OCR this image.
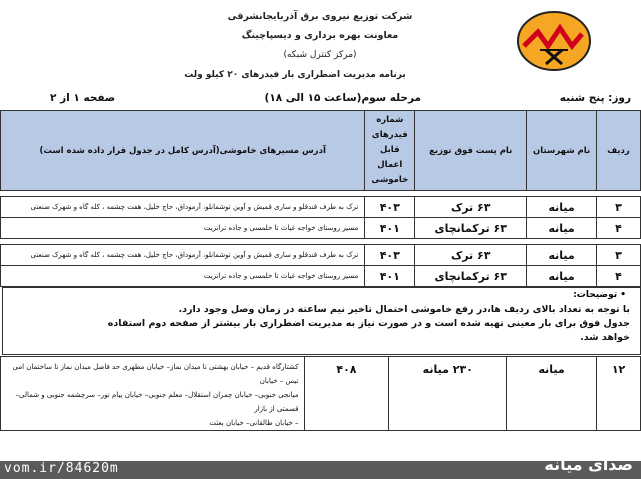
شرکت توزیع نیروی برق آذربایجانشرقی
معاونت بهره برداری و دیسپاچینگ
(مرکز کنترل شبکه)
برنامه مدیریت اضطراری بار فیدرهای ۲۰ کیلو ولت
روز: پنج شنبه
مرحله سوم(ساعت ۱۵ الی ۱۸)
صفحه ۱ از ۲
ردیف	نام شهرستان	نام پست فوق توزیع	شماره فیدرهای قابل اعمال خاموشی	آدرس مسیرهای خاموشی(آدرس کامل در جدول قرار داده شده است)

۳	میانه	۶۳ ترک	۴۰۳	ترک به طرف قندقلو و ساری قمیش و آوین توشمانلو، آرموداق، حاج خلیل، هفت چشمه ، کله گاه و شهرک صنعتی
۴	میانه	۶۳ ترکمانچای	۴۰۱	مسیر روستای خواجه غیاث تا حلمسی و جاده ترانزیت

۳	میانه	۶۳ ترک	۴۰۳	ترک به طرف قندقلو و ساری قمیش و آوین توشمانلو، آرموداق، حاج خلیل، هفت چشمه ، کله گاه و شهرک صنعتی
۴	میانه	۶۳ ترکمانچای	۴۰۱	مسیر روستای خواجه غیاث تا حلمسی و جاده ترانزیت
• توضیحات:
با توجه به تعداد بالای ردیف ها،در رفع خاموشی احتمال تاخیر نیم ساعته در زمان وصل وجود دارد.
جدول فوق برای بار معینی تهیه شده است و در صورت نیاز به مدیریت اضطراری بار بیشتر از صفحه دوم استفاده
خواهد شد.
۱۲	میانه	۲۳۰ میانه	۴۰۸	
کشتارگاه قدیم – خیابان بهشتی تا میدان نماز– خیابان مطهری حد فاصل میدان نماز تا ساختمان امی تیس – خیابان
میانجی جنوبی– خیابان چمران استقلال– معلم جنوبی– خیابان پیام نور– سرچشمه جنوبی و شمالی– قسمتی از بازار
– خیابان طالقانی– خیابان بعثت
vom.ir/84620m	صدای میانه
